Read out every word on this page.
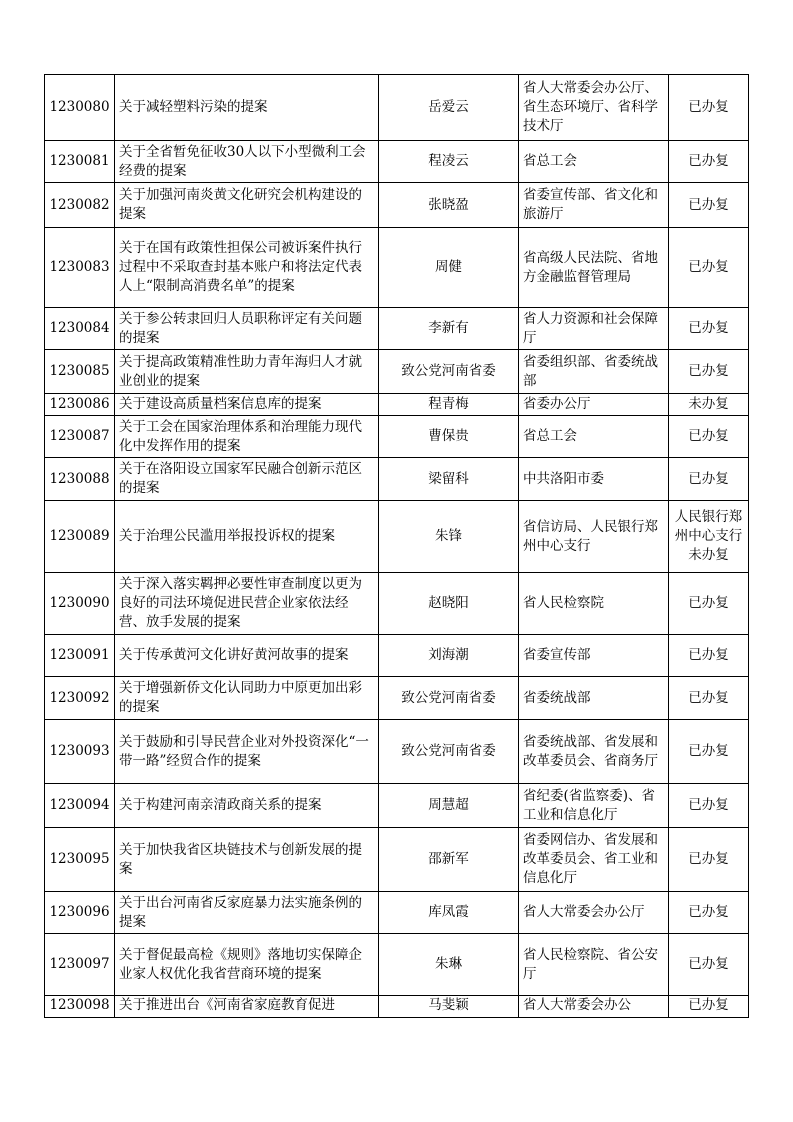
1230080	关于减轻塑料污染的提案	岳爱云	省人大常委会办公厅、省生态环境厅、省科学技术厅	已办复
1230081	关于全省暂免征收30人以下小型微利工会经费的提案	程凌云	省总工会	已办复
1230082	关于加强河南炎黄文化研究会机构建设的提案	张晓盈	省委宣传部、省文化和旅游厅	已办复
1230083	关于在国有政策性担保公司被诉案件执行过程中不采取查封基本账户和将法定代表人上“限制高消费名单”的提案	周健	省高级人民法院、省地方金融监督管理局	已办复
1230084	关于参公转隶回归人员职称评定有关问题的提案	李新有	省人力资源和社会保障厅	已办复
1230085	关于提高政策精准性助力青年海归人才就业创业的提案	致公党河南省委	省委组织部、省委统战部	已办复
1230086	关于建设高质量档案信息库的提案	程青梅	省委办公厅	未办复
1230087	关于工会在国家治理体系和治理能力现代化中发挥作用的提案	曹保贵	省总工会	已办复
1230088	关于在洛阳设立国家军民融合创新示范区的提案	梁留科	中共洛阳市委	已办复
1230089	关于治理公民滥用举报投诉权的提案	朱锋	省信访局、人民银行郑州中心支行	人民银行郑州中心支行未办复
1230090	关于深入落实羁押必要性审查制度以更为良好的司法环境促进民营企业家依法经营、放手发展的提案	赵晓阳	省人民检察院	已办复
1230091	关于传承黄河文化讲好黄河故事的提案	刘海潮	省委宣传部	已办复
1230092	关于增强新侨文化认同助力中原更加出彩的提案	致公党河南省委	省委统战部	已办复
1230093	关于鼓励和引导民营企业对外投资深化“一带一路”经贸合作的提案	致公党河南省委	省委统战部、省发展和改革委员会、省商务厅	已办复
1230094	关于构建河南亲清政商关系的提案	周慧超	省纪委(省监察委)、省工业和信息化厅	已办复
1230095	关于加快我省区块链技术与创新发展的提案	邵新军	省委网信办、省发展和改革委员会、省工业和信息化厅	已办复
1230096	关于出台河南省反家庭暴力法实施条例的提案	库凤霞	省人大常委会办公厅	已办复
1230097	关于督促最高检《规则》落地切实保障企业家人权优化我省营商环境的提案	朱琳	省人民检察院、省公安厅	已办复
1230098	关于推进出台《河南省家庭教育促进	马斐颖	省人大常委会办公	已办复
